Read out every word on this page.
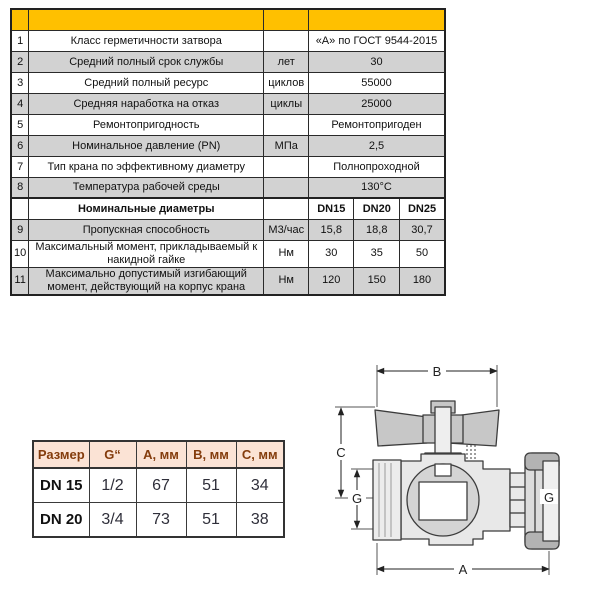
1	Класс герметичности затвора		«А» по ГОСТ 9544-2015		
2	Средний полный срок службы	лет	30		
3	Средний полный ресурс	циклов	55000		
4	Средняя наработка на отказ	циклы	25000		
5	Ремонтопригодность		Ремонтопригоден		
6	Номинальное давление (PN)	МПа	2,5		
7	Тип крана по эффективному диаметру		Полнопроходной		
8	Температура рабочей среды		130°С		
	Номинальные диаметры		DN15	DN20	DN25
9	Пропускная способность	М3/час	15,8	18,8	30,7
10	Максимальный момент, прикладываемый к накидной гайке	Нм	30	35	50
11	Максимально допустимый изгибающий момент, действующий на корпус крана	Нм	120	150	180
Размер	G“	А, мм	В, мм	С, мм
DN 15	1/2	67	51	34
DN 20	3/4	73	51	38
B
C
G	G
A
